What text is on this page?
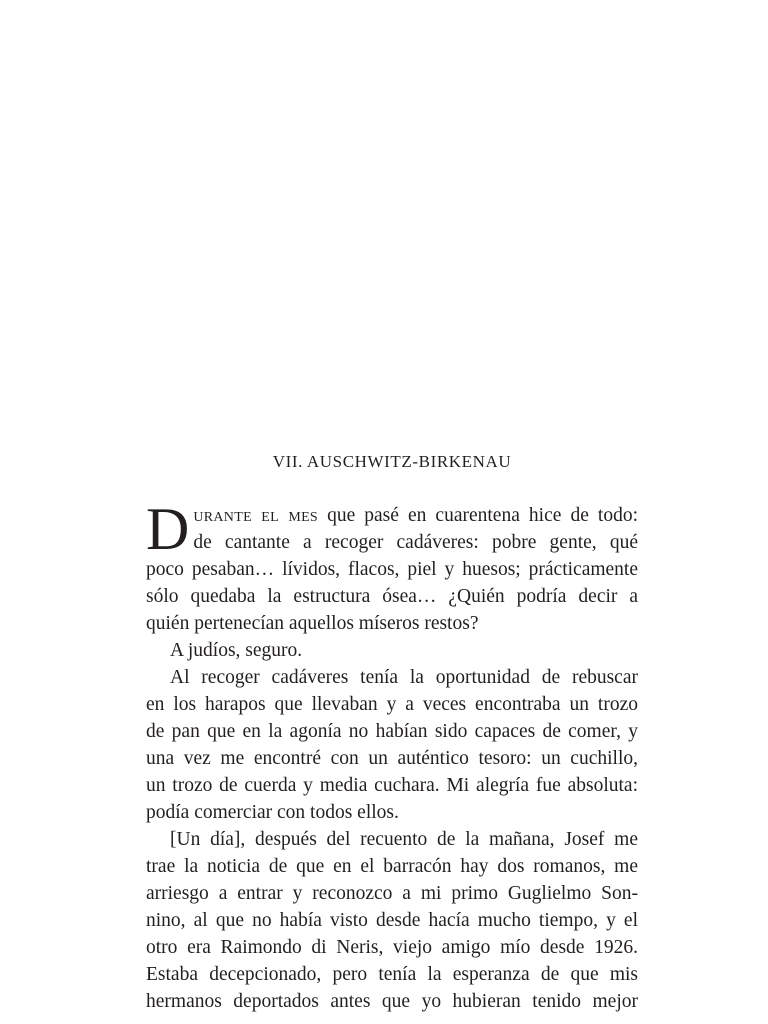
VII. AUSCHWITZ-BIRKENAU
D urante el mes que pasé en cuarentena hice de todo:
de cantante a recoger cadáveres: pobre gente, qué
poco pesaban… lívidos, flacos, piel y huesos; prácticamente
sólo quedaba la estructura ósea… ¿Quién podría decir a
quién pertenecían aquellos míseros restos?
A judíos, seguro.
Al recoger cadáveres tenía la oportunidad de rebuscar
en los harapos que llevaban y a veces encontraba un trozo
de pan que en la agonía no habían sido capaces de comer, y
una vez me encontré con un auténtico tesoro: un cuchillo,
un trozo de cuerda y media cuchara. Mi alegría fue absoluta:
podía comerciar con todos ellos.
[Un día], después del recuento de la mañana, Josef me
trae la noticia de que en el barracón hay dos romanos, me
arriesgo a entrar y reconozco a mi primo Guglielmo Son-
nino, al que no había visto desde hacía mucho tiempo, y el
otro era Raimondo di Neris, viejo amigo mío desde 1926.
Estaba decepcionado, pero tenía la esperanza de que mis
hermanos deportados antes que yo hubieran tenido mejor
